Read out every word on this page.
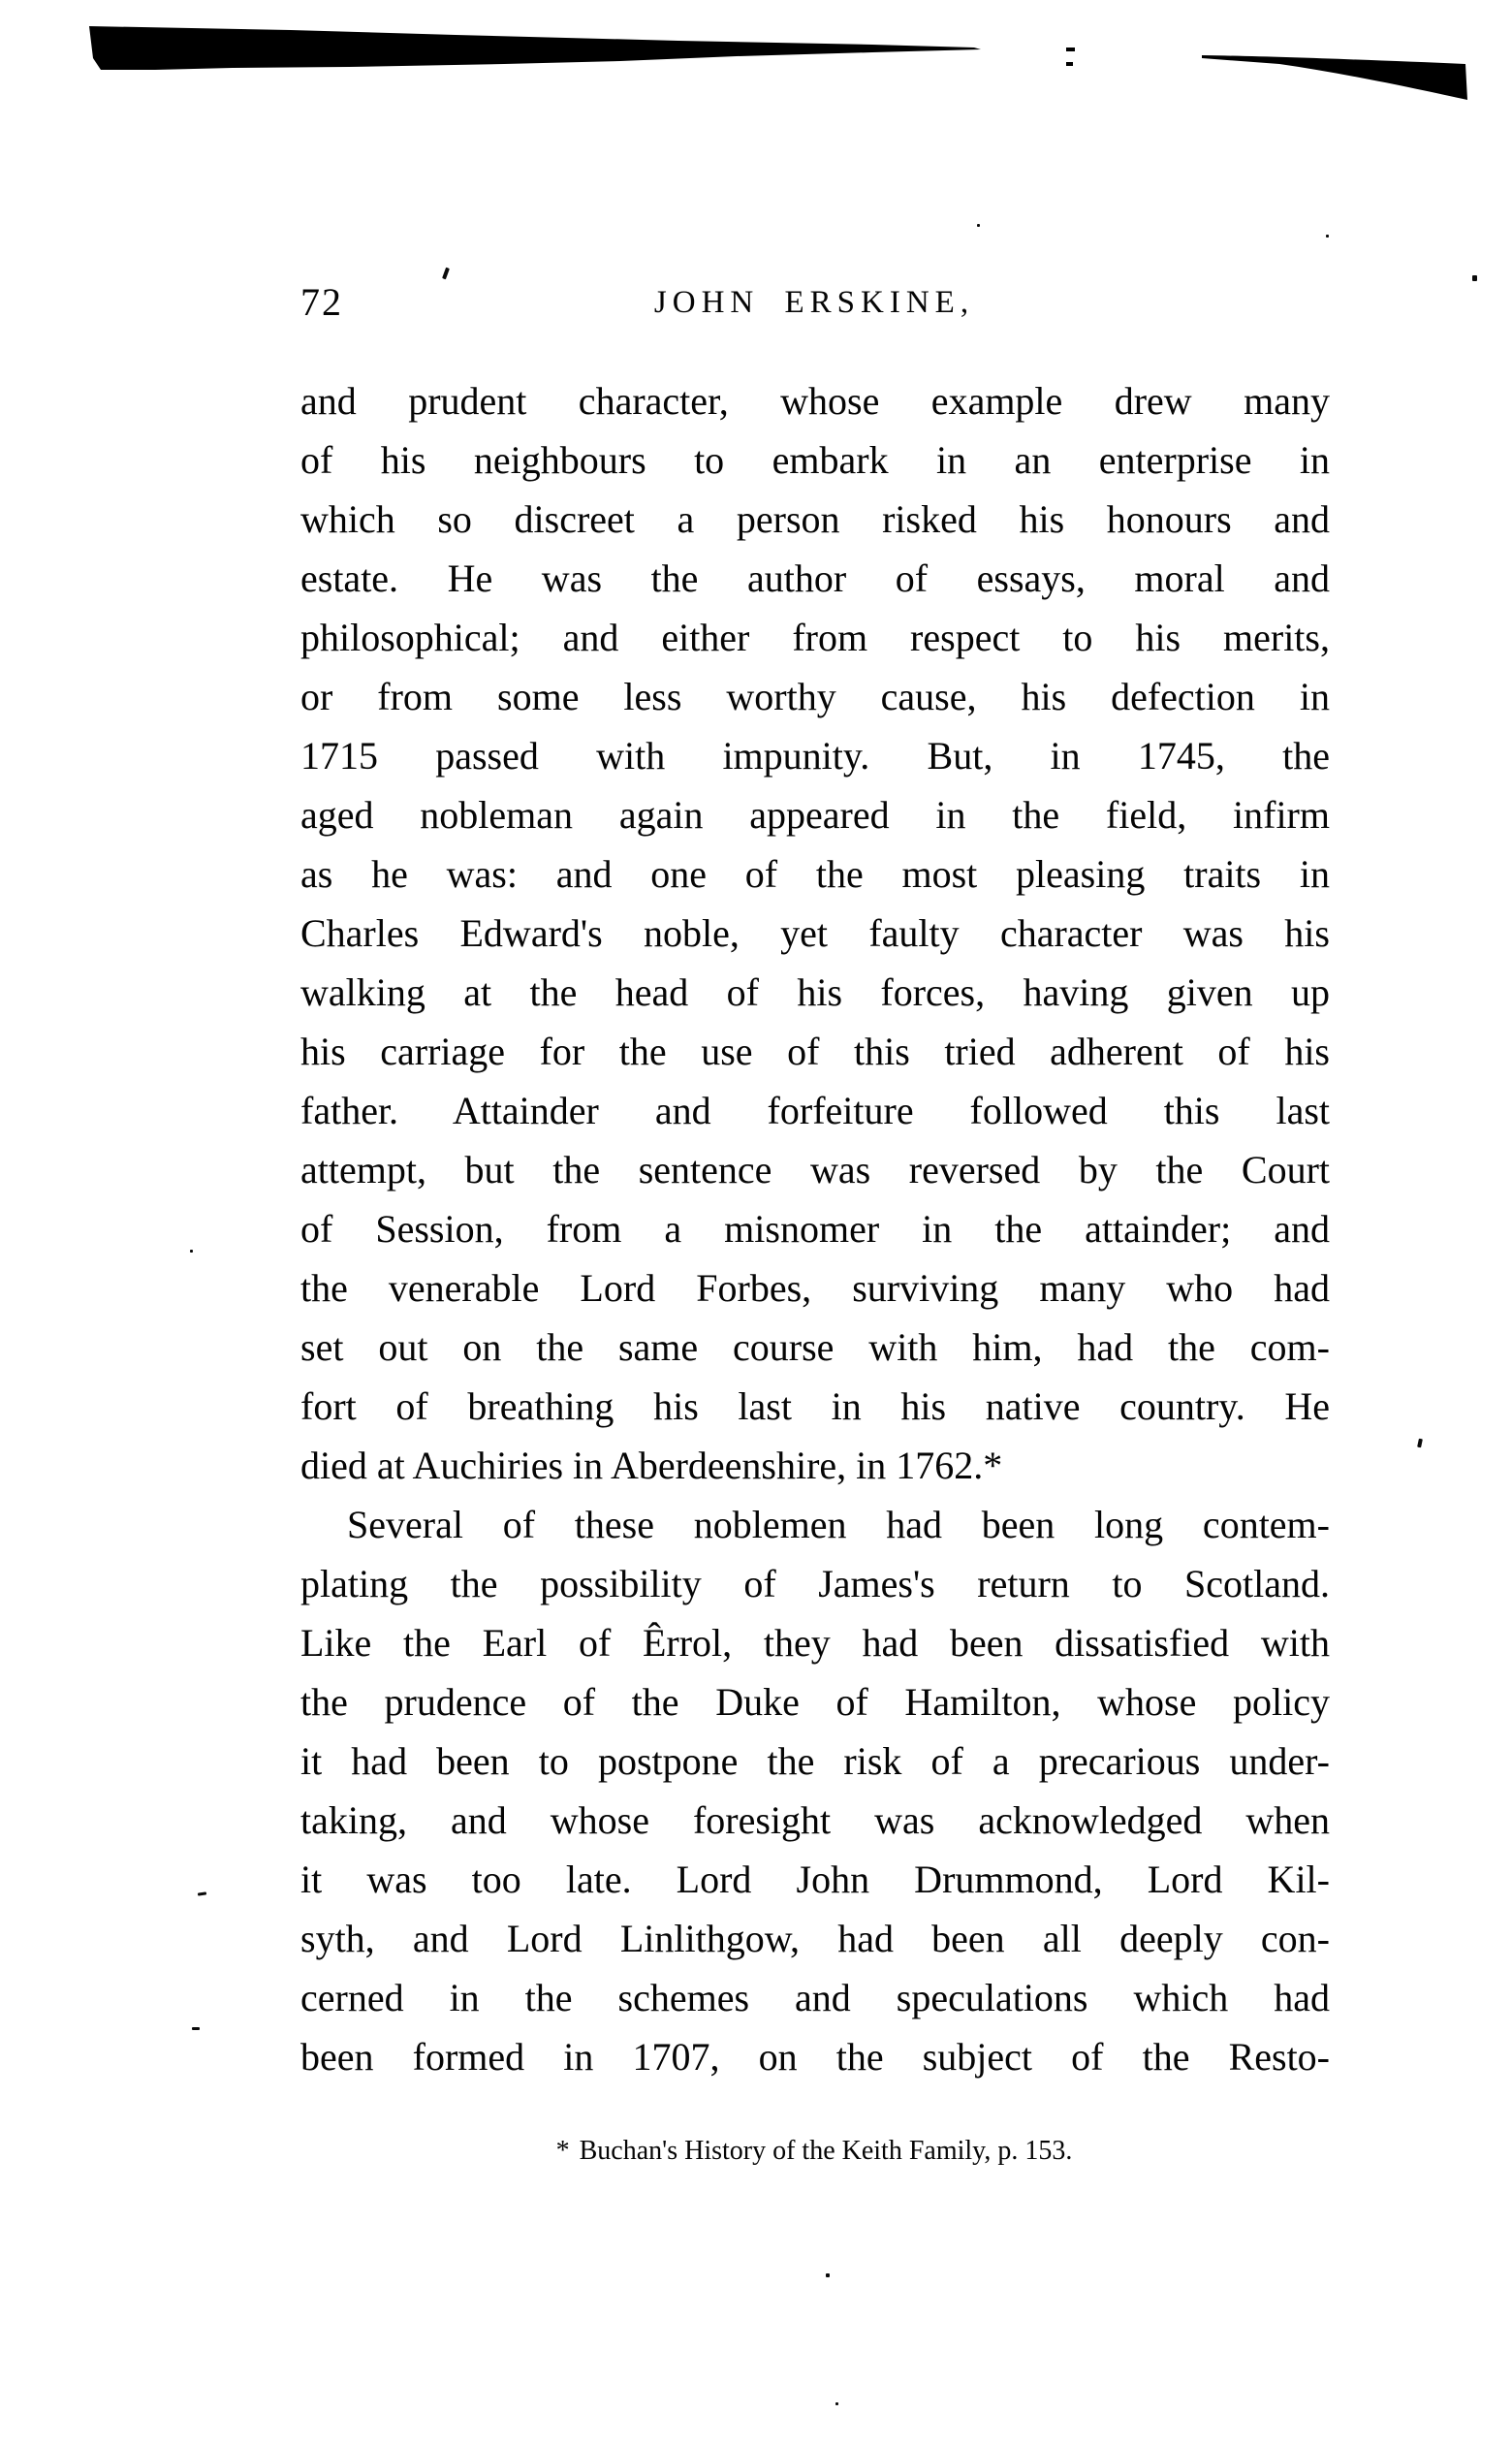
72	JOHN ERSKINE,
and prudent character, whose example drew many
of his neighbours to embark in an enterprise in
which so discreet a person risked his honours and
estate. He was the author of essays, moral and
philosophical; and either from respect to his merits,
or from some less worthy cause, his defection in
1715 passed with impunity. But, in 1745, the
aged nobleman again appeared in the field, infirm
as he was: and one of the most pleasing traits in
Charles Edward's noble, yet faulty character was his
walking at the head of his forces, having given up
his carriage for the use of this tried adherent of his
father. Attainder and forfeiture followed this last
attempt, but the sentence was reversed by the Court
of Session, from a misnomer in the attainder; and
the venerable Lord Forbes, surviving many who had
set out on the same course with him, had the com-
fort of breathing his last in his native country. He
died at Auchiries in Aberdeenshire, in 1762.*
Several of these noblemen had been long contem-
plating the possibility of James's return to Scotland.
Like the Earl of Êrrol, they had been dissatisfied with
the prudence of the Duke of Hamilton, whose policy
it had been to postpone the risk of a precarious under-
taking, and whose foresight was acknowledged when
it was too late. Lord John Drummond, Lord Kil-
syth, and Lord Linlithgow, had been all deeply con-
cerned in the schemes and speculations which had
been formed in 1707, on the subject of the Resto-
* Buchan's History of the Keith Family, p. 153.
